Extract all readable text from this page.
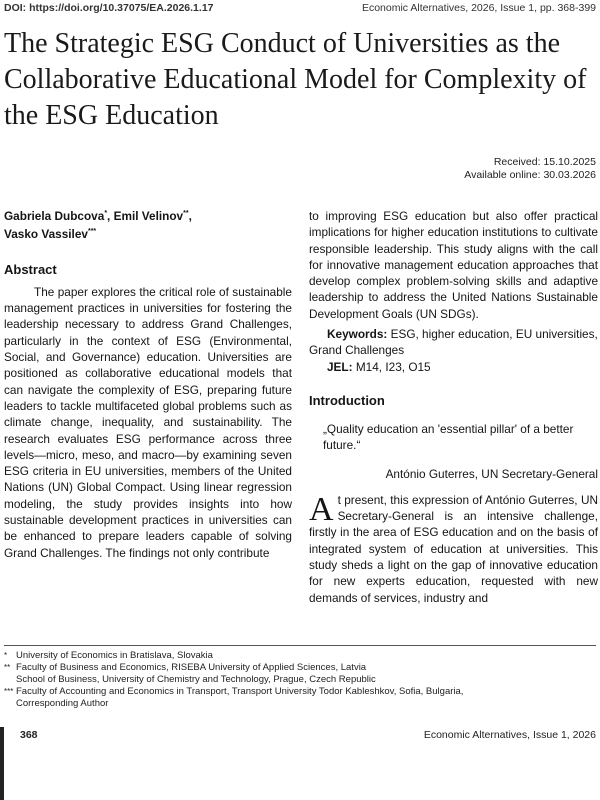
DOI: https://doi.org/10.37075/EA.2026.1.17	Economic Alternatives, 2026, Issue 1, pp. 368-399
The Strategic ESG Conduct of Universities as the Collaborative Educational Model for Complexity of the ESG Education
Received: 15.10.2025
Available online: 30.03.2026

Gabriela Dubcova*, Emil Velinov**,
Vasko Vassilev***

Abstract

The paper explores the critical role of sustainable management practices in universities for fostering the leadership necessary to address Grand Challenges, particularly in the context of ESG (Environmental, Social, and Governance) education. Universities are positioned as collaborative educational models that can navigate the complexity of ESG, preparing future leaders to tackle multifaceted global problems such as climate change, inequality, and sustainability. The research evaluates ESG performance across three levels—micro, meso, and macro—by examining seven ESG criteria in EU universities, members of the United Nations (UN) Global Compact. Using linear regression modeling, the study provides insights into how sustainable development practices in universities can be enhanced to prepare leaders capable of solving Grand Challenges. The findings not only contribute

to improving ESG education but also offer practical implications for higher education institutions to cultivate responsible leadership. This study aligns with the call for innovative management education approaches that develop complex problem-solving skills and adaptive leadership to address the United Nations Sustainable Development Goals (UN SDGs).

Keywords: ESG, higher education, EU universities, Grand Challenges

JEL: M14, I23, O15

Introduction

„Quality education an 'essential pillar' of a better future.“

António Guterres, UN Secretary-General

At present, this expression of António Guterres, UN Secretary-General is an intensive challenge, firstly in the area of ESG education and on the basis of integrated system of education at universities. This study sheds a light on the gap of innovative education for new experts education, requested with new demands of services, industry and

* University of Economics in Bratislava, Slovakia
** Faculty of Business and Economics, RISEBA University of Applied Sciences, Latvia
School of Business, University of Chemistry and Technology, Prague, Czech Republic
*** Faculty of Accounting and Economics in Transport, Transport University Todor Kableshkov, Sofia, Bulgaria,
Corresponding Author
368	Economic Alternatives, Issue 1, 2026
